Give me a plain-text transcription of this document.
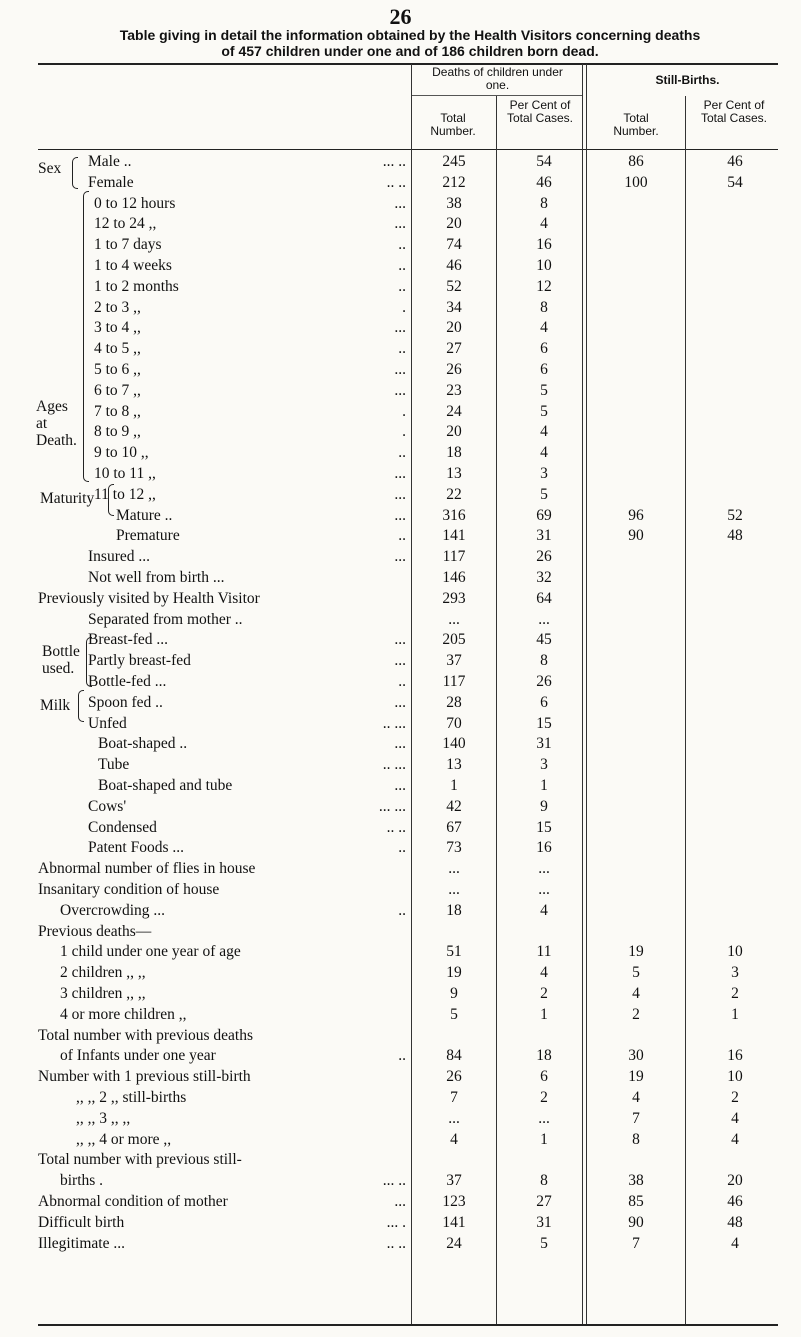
26
Table giving in detail the information obtained by the Health Visitors concerning deaths
of 457 children under one and of 186 children born dead.
Deaths of children under one.	Still-Births.
Total Number.
Per Cent of Total Cases.	Total Number.
Per Cent of Total Cases.
Sex
Ages at Death.
Maturity
Bottle used.
Milk
Male ..	... ..	245	54	86	46
Female	.. ..	212	46	100	54
0 to 12 hours	...	38	8
12 to 24 ,,	...	20	4
1 to 7 days	..	74	16
1 to 4 weeks	..	46	10
1 to 2 months	..	52	12
2 to 3 ,,	.	34	8
3 to 4 ,,	...	20	4
4 to 5 ,,	..	27	6
5 to 6 ,,	...	26	6
6 to 7 ,,	...	23	5
7 to 8 ,,	.	24	5
8 to 9 ,,	.	20	4
9 to 10 ,,	..	18	4
10 to 11 ,,	...	13	3
11 to 12 ,,	...	22	5
Mature ..	...	316	69	96	52
Premature	..	141	31	90	48
Insured ...	...	117	26
Not well from birth ...	146	32
Previously visited by Health Visitor	293	64
Separated from mother ..	...	...
Breast-fed ...	...	205	45
Partly breast-fed	...	37	8
Bottle-fed ...	..	117	26
Spoon fed ..	...	28	6
Unfed	.. ...	70	15
Boat-shaped ..	...	140	31
Tube	.. ...	13	3
Boat-shaped and tube	...	1	1
Cows'	... ...	42	9
Condensed	.. ..	67	15
Patent Foods ...	..	73	16
Abnormal number of flies in house	...	...
Insanitary condition of house	...	...
Overcrowding ...	..	18	4
Previous deaths—
1 child under one year of age	51	11	19	10
2 children ,, ,,	19	4	5	3
3 children ,, ,,	9	2	4	2
4 or more children ,,	5	1	2	1
Total number with previous deaths
of Infants under one year	..	84	18	30	16
Number with 1 previous still-birth	26	6	19	10
,, ,, 2 ,, still-births	7	2	4	2
,, ,, 3 ,, ,,	...	...	7	4
,, ,, 4 or more ,,	4	1	8	4
Total number with previous still-
births .	... ..	37	8	38	20
Abnormal condition of mother	...	123	27	85	46
Difficult birth	... .	141	31	90	48
Illegitimate ...	.. ..	24	5	7	4
